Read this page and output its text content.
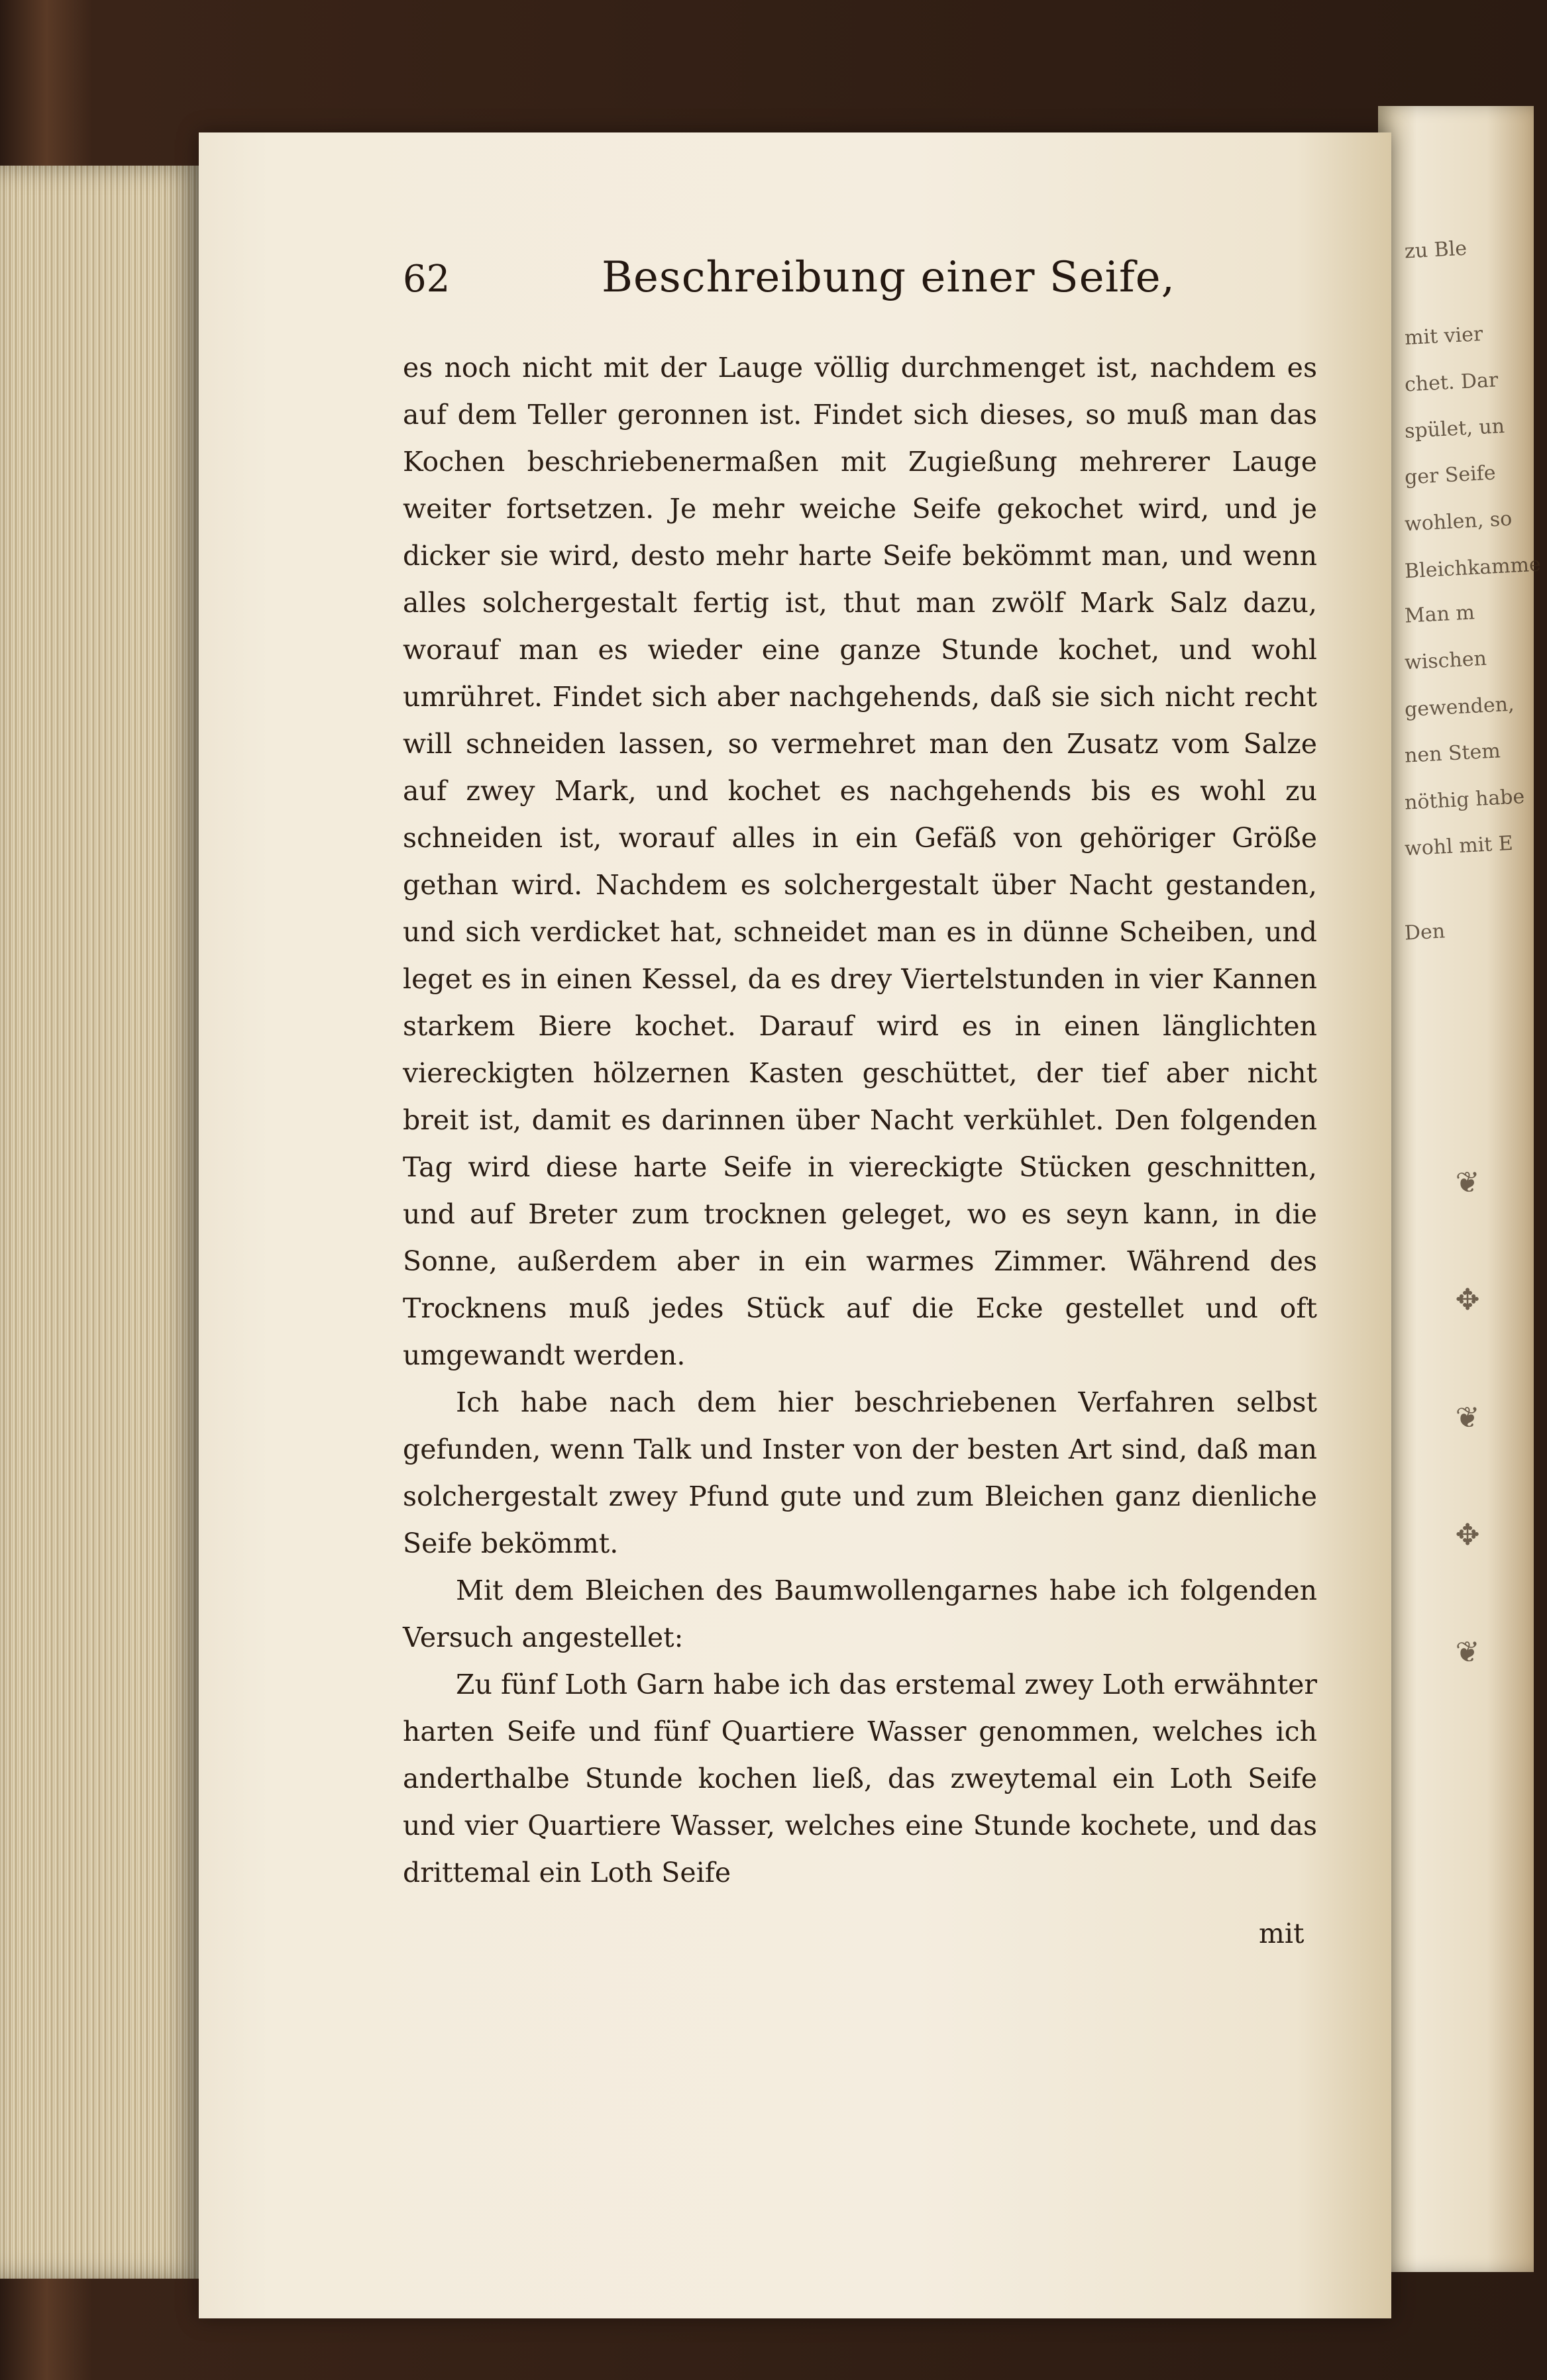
zu Ble
mit vier
chet. Dar
spület, un
ger Seife
wohlen, so
Bleichkamme
Man m
wischen
gewenden,
nen Stem
nöthig habe
wohl mit E
Den
❦
✥
❦
✥
❦
62	Beschreibung einer Seife,

es noch nicht mit der Lauge völlig durchmenget ist, nachdem es auf dem Teller geronnen ist. Findet sich dieses, so muß man das Kochen beschriebenermaßen mit Zugießung mehrerer Lauge weiter fortsetzen. Je mehr weiche Seife gekochet wird, und je dicker sie wird, desto mehr harte Seife bekömmt man, und wenn alles solchergestalt fertig ist, thut man zwölf Mark Salz dazu, worauf man es wieder eine ganze Stunde kochet, und wohl umrühret. Findet sich aber nachgehends, daß sie sich nicht recht will schneiden lassen, so vermehret man den Zusatz vom Salze auf zwey Mark, und kochet es nachgehends bis es wohl zu schneiden ist, worauf alles in ein Gefäß von gehöriger Größe gethan wird. Nachdem es solchergestalt über Nacht gestanden, und sich verdicket hat, schneidet man es in dünne Scheiben, und leget es in einen Kessel, da es drey Viertelstunden in vier Kannen starkem Biere kochet. Darauf wird es in einen länglichten viereckigten hölzernen Kasten geschüttet, der tief aber nicht breit ist, damit es darinnen über Nacht verkühlet. Den folgenden Tag wird diese harte Seife in viereckigte Stücken geschnitten, und auf Breter zum trocknen geleget, wo es seyn kann, in die Sonne, außerdem aber in ein warmes Zimmer. Während des Trocknens muß jedes Stück auf die Ecke gestellet und oft umgewandt werden.

Ich habe nach dem hier beschriebenen Verfahren selbst gefunden, wenn Talk und Inster von der besten Art sind, daß man solchergestalt zwey Pfund gute und zum Bleichen ganz dienliche Seife bekömmt.

Mit dem Bleichen des Baumwollengarnes habe ich folgenden Versuch angestellet:

Zu fünf Loth Garn habe ich das erstemal zwey Loth erwähnter harten Seife und fünf Quartiere Wasser genommen, welches ich anderthalbe Stunde kochen ließ, das zweytemal ein Loth Seife und vier Quartiere Wasser, welches eine Stunde kochete, und das drittemal ein Loth Seife

mit
